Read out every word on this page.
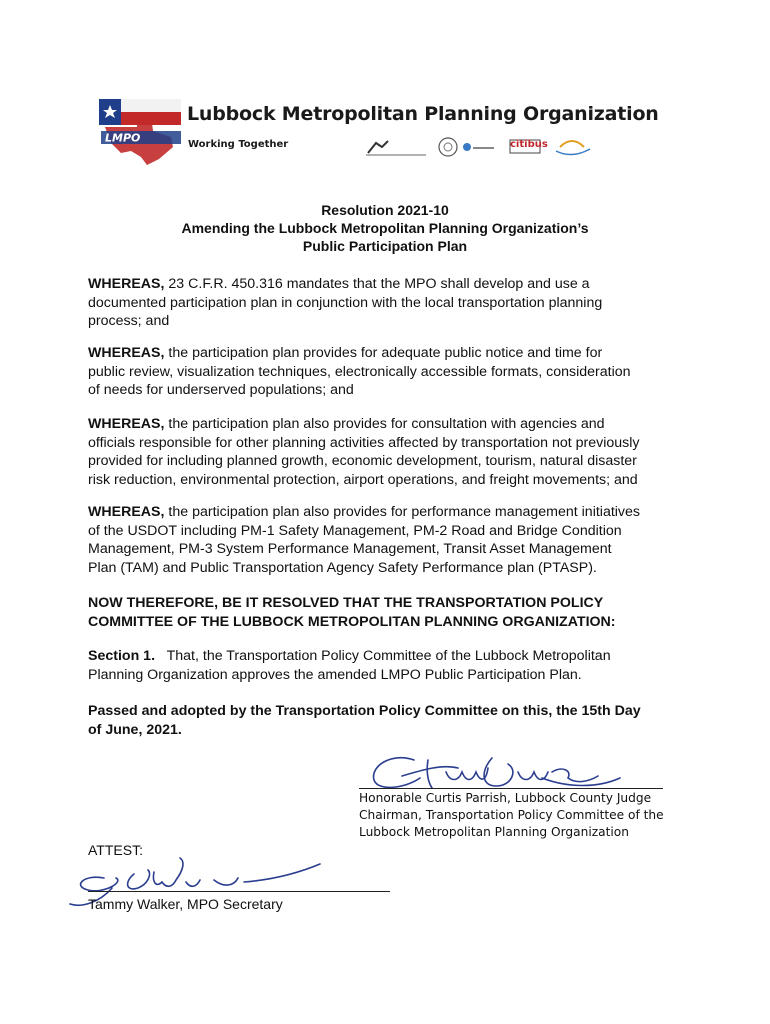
LMPO
Lubbock Metropolitan Planning Organization
Working Together	citibus
Resolution 2021-10
Amending the Lubbock Metropolitan Planning Organization’s
Public Participation Plan
WHEREAS, 23 C.F.R. 450.316 mandates that the MPO shall develop and use a
documented participation plan in conjunction with the local transportation planning
process; and
WHEREAS, the participation plan provides for adequate public notice and time for
public review, visualization techniques, electronically accessible formats, consideration
of needs for underserved populations; and
WHEREAS, the participation plan also provides for consultation with agencies and
officials responsible for other planning activities affected by transportation not previously
provided for including planned growth, economic development, tourism, natural disaster
risk reduction, environmental protection, airport operations, and freight movements; and
WHEREAS, the participation plan also provides for performance management initiatives
of the USDOT including PM-1 Safety Management, PM-2 Road and Bridge Condition
Management, PM-3 System Performance Management, Transit Asset Management
Plan (TAM) and Public Transportation Agency Safety Performance plan (PTASP).
NOW THEREFORE, BE IT RESOLVED THAT THE TRANSPORTATION POLICY
COMMITTEE OF THE LUBBOCK METROPOLITAN PLANNING ORGANIZATION:
Section 1.   That, the Transportation Policy Committee of the Lubbock Metropolitan
Planning Organization approves the amended LMPO Public Participation Plan.
Passed and adopted by the Transportation Policy Committee on this, the 15th Day
of June, 2021.
Honorable Curtis Parrish, Lubbock County Judge
Chairman, Transportation Policy Committee of the
Lubbock Metropolitan Planning Organization
ATTEST:
Tammy Walker, MPO Secretary
